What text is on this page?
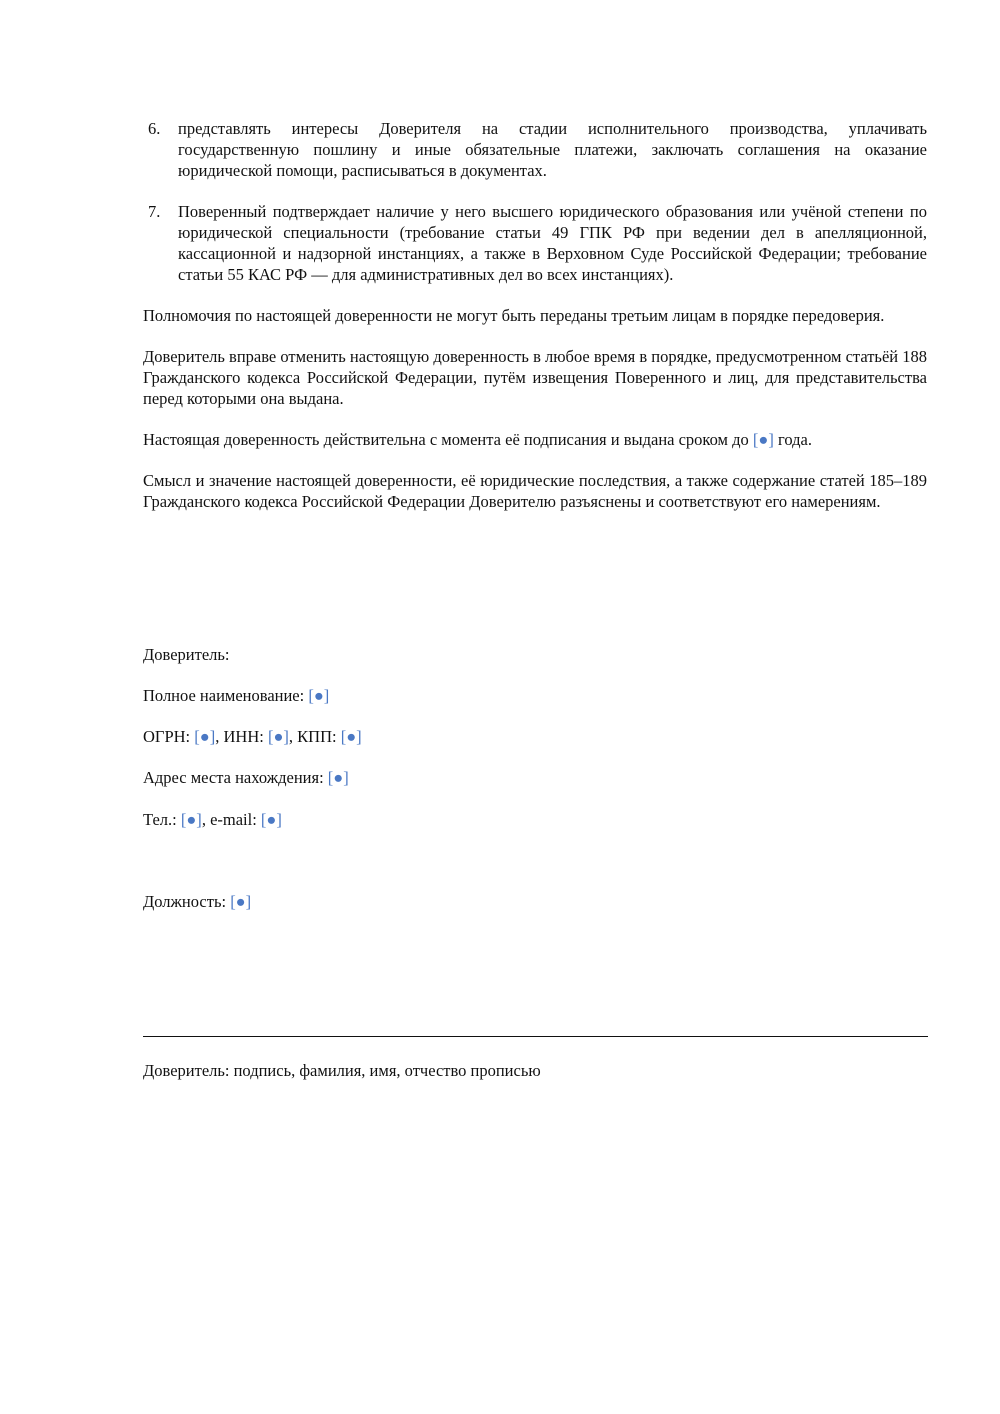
6. представлять интересы Доверителя на стадии исполнительного производства, уплачивать государственную пошлину и иные обязательные платежи, заключать соглашения на оказание юридической помощи, расписываться в документах.
7. Поверенный подтверждает наличие у него высшего юридического образования или учёной степени по юридической специальности (требование статьи 49 ГПК РФ при ведении дел в апелляционной, кассационной и надзорной инстанциях, а также в Верховном Суде Российской Федерации; требование статьи 55 КАС РФ — для административных дел во всех инстанциях).

Полномочия по настоящей доверенности не могут быть переданы третьим лицам в порядке передоверия.

Доверитель вправе отменить настоящую доверенность в любое время в порядке, предусмотренном статьёй 188 Гражданского кодекса Российской Федерации, путём извещения Поверенного и лиц, для представительства перед которыми она выдана.

Настоящая доверенность действительна с момента её подписания и выдана сроком до [●] года.

Смысл и значение настоящей доверенности, её юридические последствия, а также содержание статей 185–189 Гражданского кодекса Российской Федерации Доверителю разъяснены и соответствуют его намерениям.

Доверитель:
Полное наименование: [●]
ОГРН: [●], ИНН: [●], КПП: [●]
Адрес места нахождения: [●]
Тел.: [●], e-mail: [●]
Должность: [●]
Доверитель: подпись, фамилия, имя, отчество прописью
